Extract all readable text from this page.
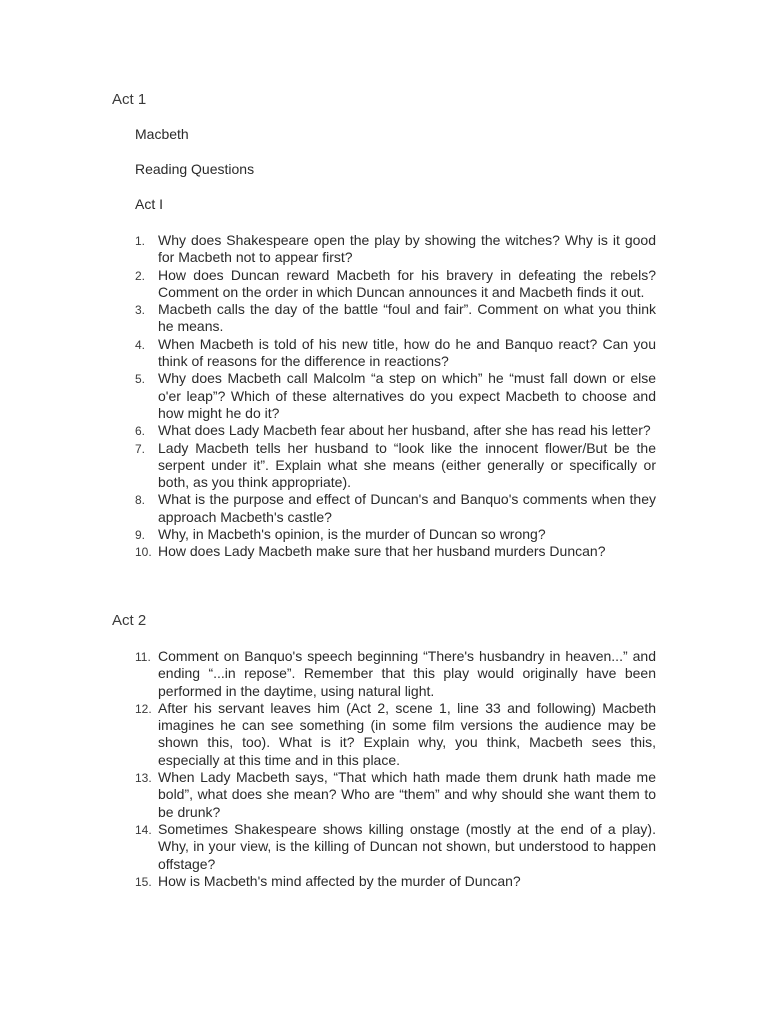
Act 1

Macbeth

Reading Questions

Act I

1. Why does Shakespeare open the play by showing the witches? Why is it good for Macbeth not to appear first?
2. How does Duncan reward Macbeth for his bravery in defeating the rebels? Comment on the order in which Duncan announces it and Macbeth finds it out.
3. Macbeth calls the day of the battle “foul and fair”. Comment on what you think he means.
4. When Macbeth is told of his new title, how do he and Banquo react? Can you think of reasons for the difference in reactions?
5. Why does Macbeth call Malcolm “a step on which” he “must fall down or else o'er leap”? Which of these alternatives do you expect Macbeth to choose and how might he do it?
6. What does Lady Macbeth fear about her husband, after she has read his letter?
7. Lady Macbeth tells her husband to “look like the innocent flower/But be the serpent under it”. Explain what she means (either generally or specifically or both, as you think appropriate).
8. What is the purpose and effect of Duncan's and Banquo's comments when they approach Macbeth's castle?
9. Why, in Macbeth's opinion, is the murder of Duncan so wrong?
10. How does Lady Macbeth make sure that her husband murders Duncan?
Act 2
11. Comment on Banquo's speech beginning “There's husbandry in heaven...” and ending “...in repose”. Remember that this play would originally have been performed in the daytime, using natural light.
12. After his servant leaves him (Act 2, scene 1, line 33 and following) Macbeth imagines he can see something (in some film versions the audience may be shown this, too). What is it? Explain why, you think, Macbeth sees this, especially at this time and in this place.
13. When Lady Macbeth says, “That which hath made them drunk hath made me bold”, what does she mean? Who are “them” and why should she want them to be drunk?
14. Sometimes Shakespeare shows killing onstage (mostly at the end of a play). Why, in your view, is the killing of Duncan not shown, but understood to happen offstage?
15. How is Macbeth's mind affected by the murder of Duncan?
